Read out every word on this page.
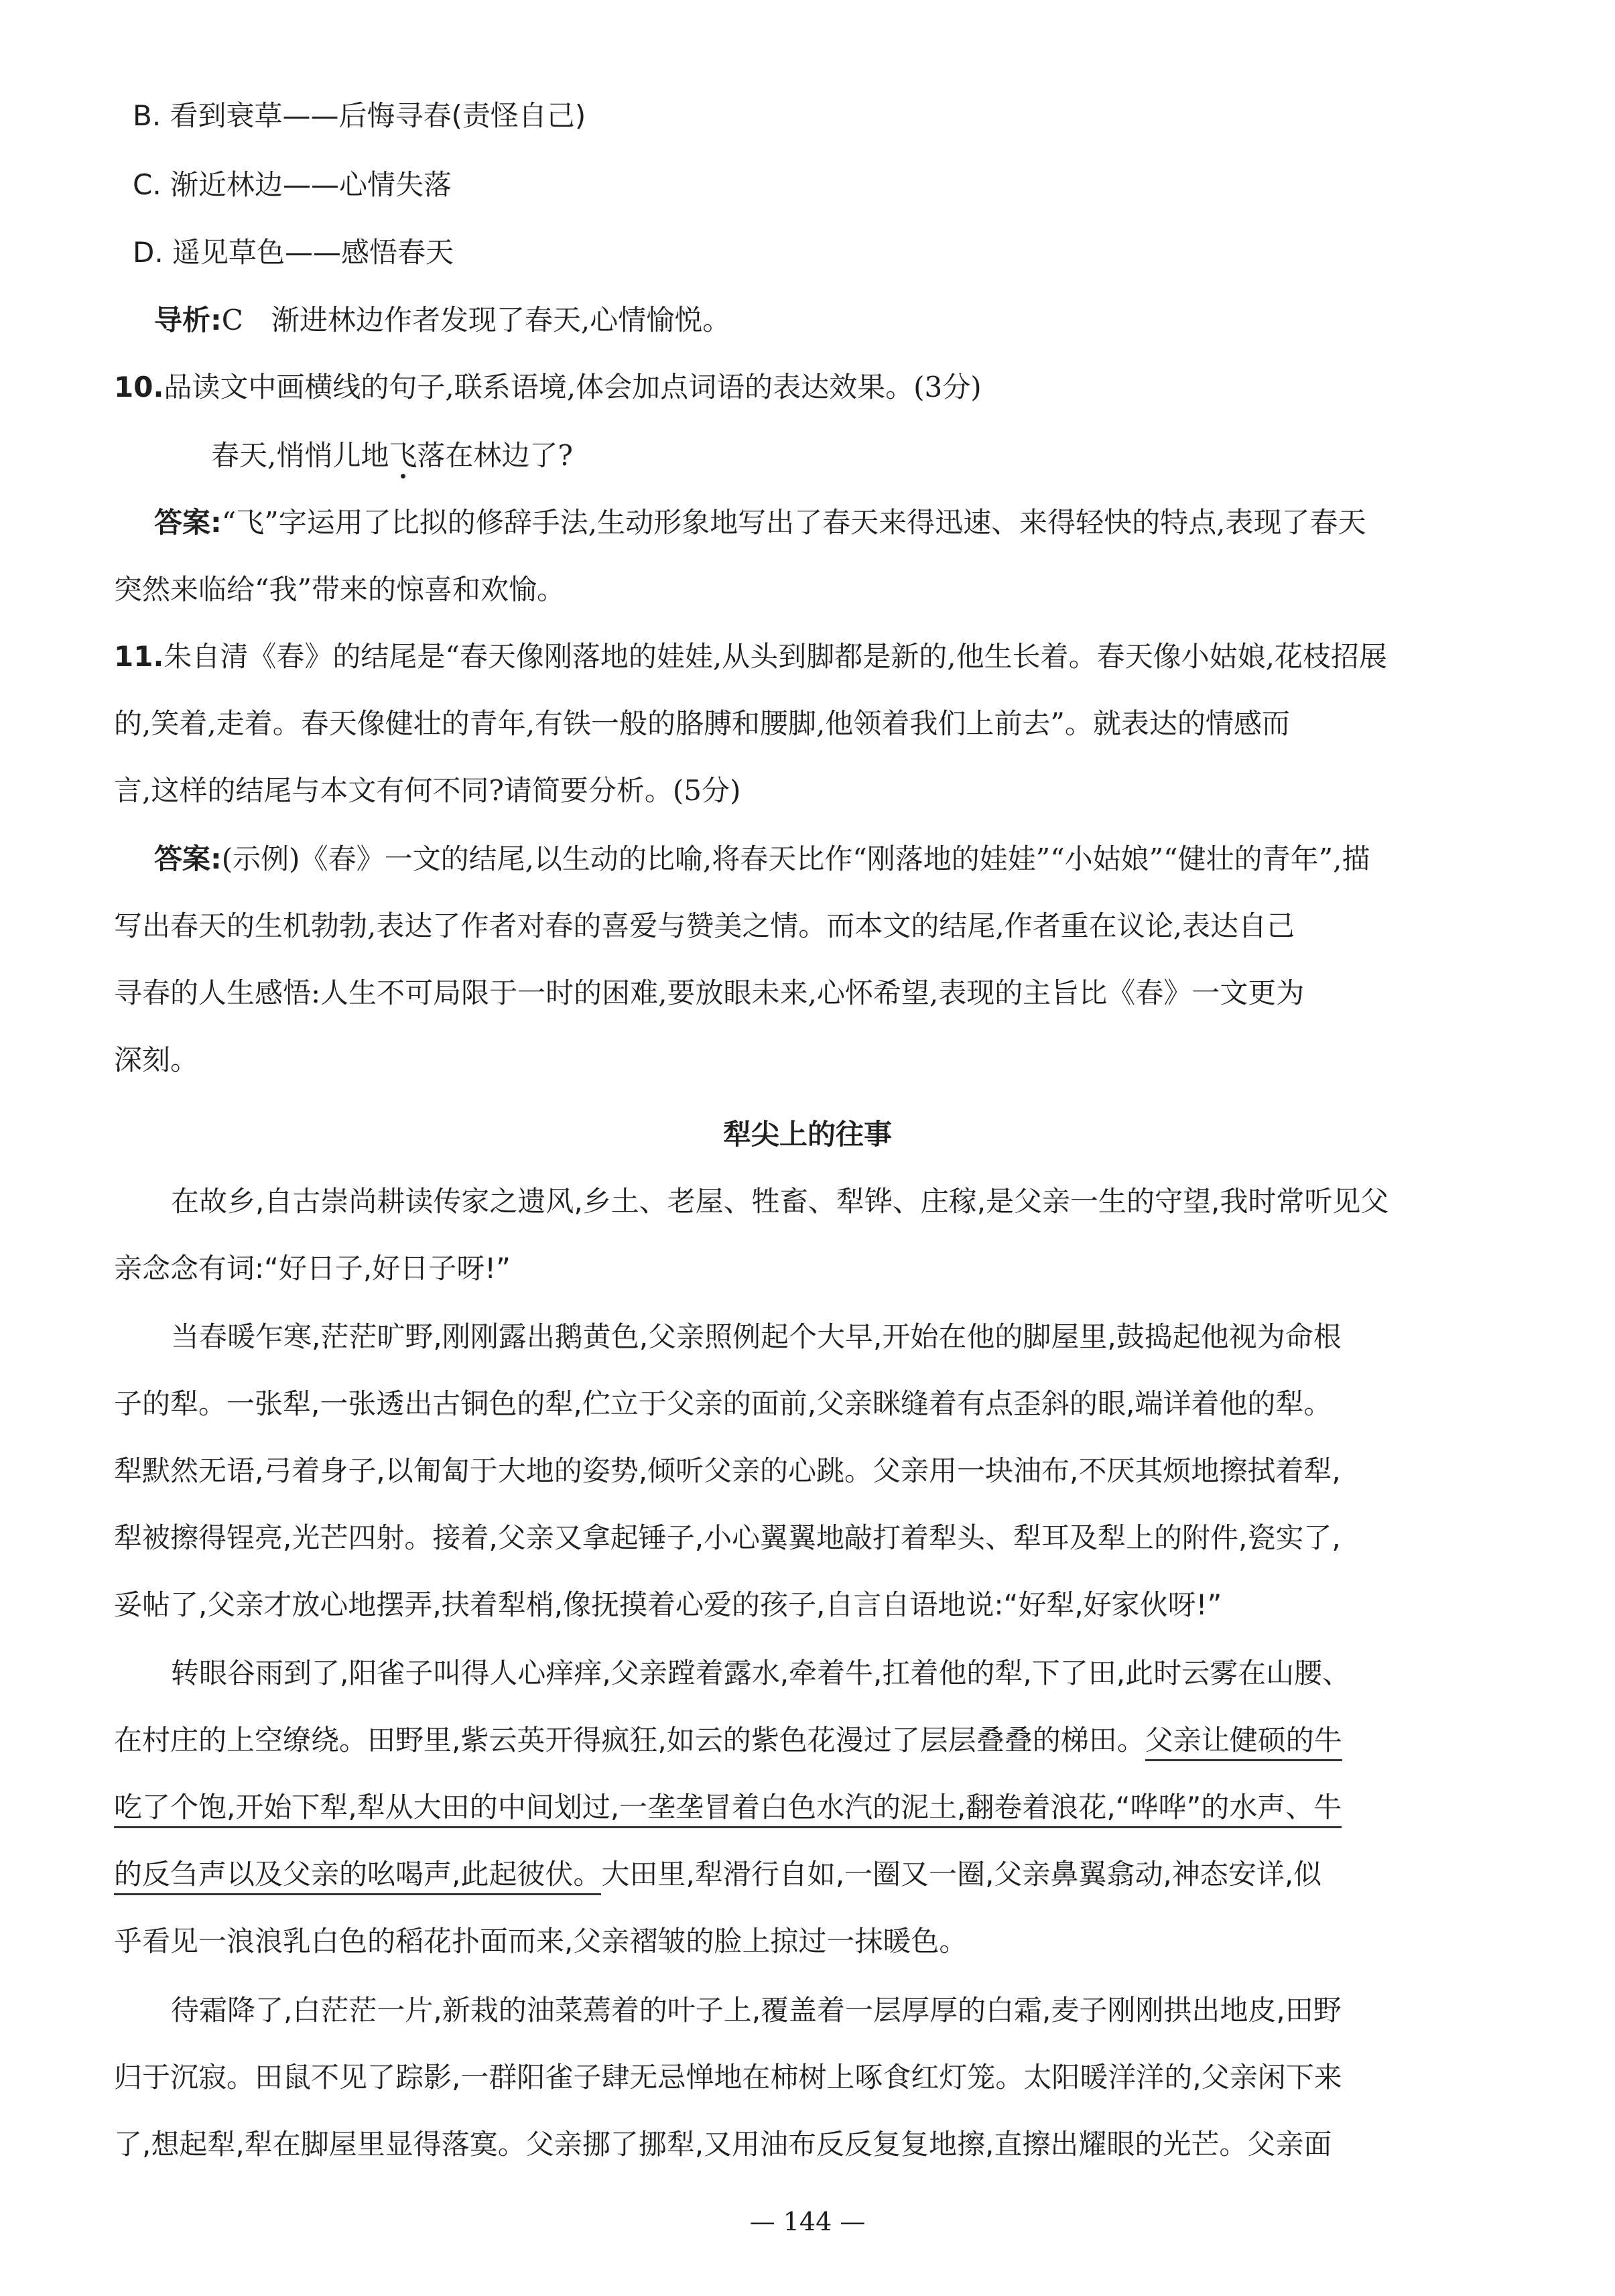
B. 看到衰草——后悔寻春(责怪自己)
C. 渐近林边——心情失落
D. 遥见草色——感悟春天
导析:C　渐进林边作者发现了春天,心情愉悦。
10.品读文中画横线的句子,联系语境,体会加点词语的表达效果。(3分)
春天,悄悄儿地飞落在林边了?
答案:“飞”字运用了比拟的修辞手法,生动形象地写出了春天来得迅速、来得轻快的特点,表现了春天
突然来临给“我”带来的惊喜和欢愉。
11.朱自清《春》的结尾是“春天像刚落地的娃娃,从头到脚都是新的,他生长着。春天像小姑娘,花枝招展
的,笑着,走着。春天像健壮的青年,有铁一般的胳膊和腰脚,他领着我们上前去”。就表达的情感而
言,这样的结尾与本文有何不同?请简要分析。(5分)
答案:(示例)《春》一文的结尾,以生动的比喻,将春天比作“刚落地的娃娃”“小姑娘”“健壮的青年”,描
写出春天的生机勃勃,表达了作者对春的喜爱与赞美之情。而本文的结尾,作者重在议论,表达自己
寻春的人生感悟:人生不可局限于一时的困难,要放眼未来,心怀希望,表现的主旨比《春》一文更为
深刻。
犁尖上的往事
在故乡,自古崇尚耕读传家之遗风,乡土、老屋、牲畜、犁铧、庄稼,是父亲一生的守望,我时常听见父
亲念念有词:“好日子,好日子呀!”
当春暖乍寒,茫茫旷野,刚刚露出鹅黄色,父亲照例起个大早,开始在他的脚屋里,鼓捣起他视为命根
子的犁。一张犁,一张透出古铜色的犁,伫立于父亲的面前,父亲眯缝着有点歪斜的眼,端详着他的犁。
犁默然无语,弓着身子,以匍匐于大地的姿势,倾听父亲的心跳。父亲用一块油布,不厌其烦地擦拭着犁,
犁被擦得锃亮,光芒四射。接着,父亲又拿起锤子,小心翼翼地敲打着犁头、犁耳及犁上的附件,瓷实了,
妥帖了,父亲才放心地摆弄,扶着犁梢,像抚摸着心爱的孩子,自言自语地说:“好犁,好家伙呀!”
转眼谷雨到了,阳雀子叫得人心痒痒,父亲蹚着露水,牵着牛,扛着他的犁,下了田,此时云雾在山腰、
在村庄的上空缭绕。田野里,紫云英开得疯狂,如云的紫色花漫过了层层叠叠的梯田。父亲让健硕的牛
吃了个饱,开始下犁,犁从大田的中间划过,一垄垄冒着白色水汽的泥土,翻卷着浪花,“哗哗”的水声、牛
的反刍声以及父亲的吆喝声,此起彼伏。大田里,犁滑行自如,一圈又一圈,父亲鼻翼翕动,神态安详,似
乎看见一浪浪乳白色的稻花扑面而来,父亲褶皱的脸上掠过一抹暖色。
待霜降了,白茫茫一片,新栽的油菜蔫着的叶子上,覆盖着一层厚厚的白霜,麦子刚刚拱出地皮,田野
归于沉寂。田鼠不见了踪影,一群阳雀子肆无忌惮地在柿树上啄食红灯笼。太阳暖洋洋的,父亲闲下来
了,想起犁,犁在脚屋里显得落寞。父亲挪了挪犁,又用油布反反复复地擦,直擦出耀眼的光芒。父亲面
— 144 —
